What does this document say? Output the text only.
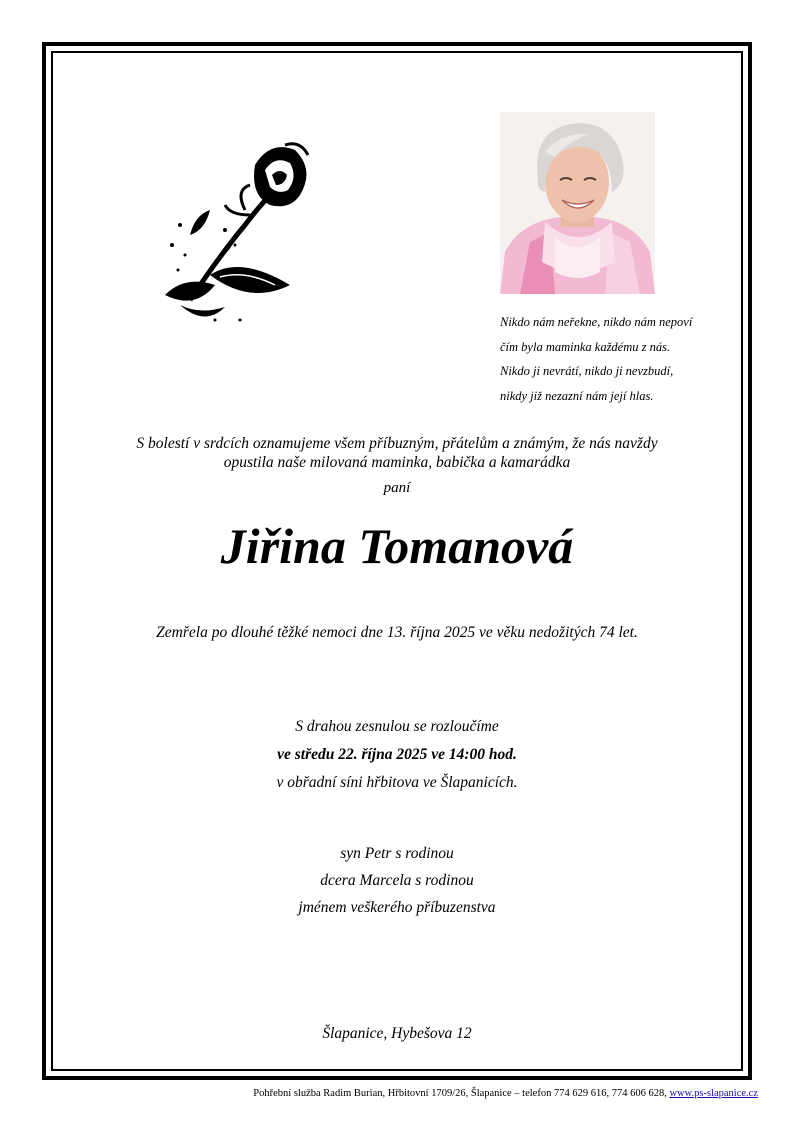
Nikdo nám neřekne, nikdo nám nepoví
čím byla maminka každému z nás.
Nikdo ji nevrátí, nikdo ji nevzbudí,
nikdy již nezazní nám její hlas.
S bolestí v srdcích oznamujeme všem příbuzným, přátelům a známým, že nás navždy
opustila naše milovaná maminka, babička a kamarádka
paní
Jiřina Tomanová
Zemřela po dlouhé těžké nemoci dne 13. října 2025 ve věku nedožitých 74 let.
S drahou zesnulou se rozloučíme
ve středu 22. října 2025 ve 14:00 hod.
v obřadní síni hřbitova ve Šlapanicích.
syn Petr s rodinou
dcera Marcela s rodinou
jménem veškerého příbuzenstva
Šlapanice, Hybešova 12
Pohřební služba Radim Burian, Hřbitovní 1709/26, Šlapanice – telefon 774 629 616, 774 606 628, www.ps-slapanice.cz
